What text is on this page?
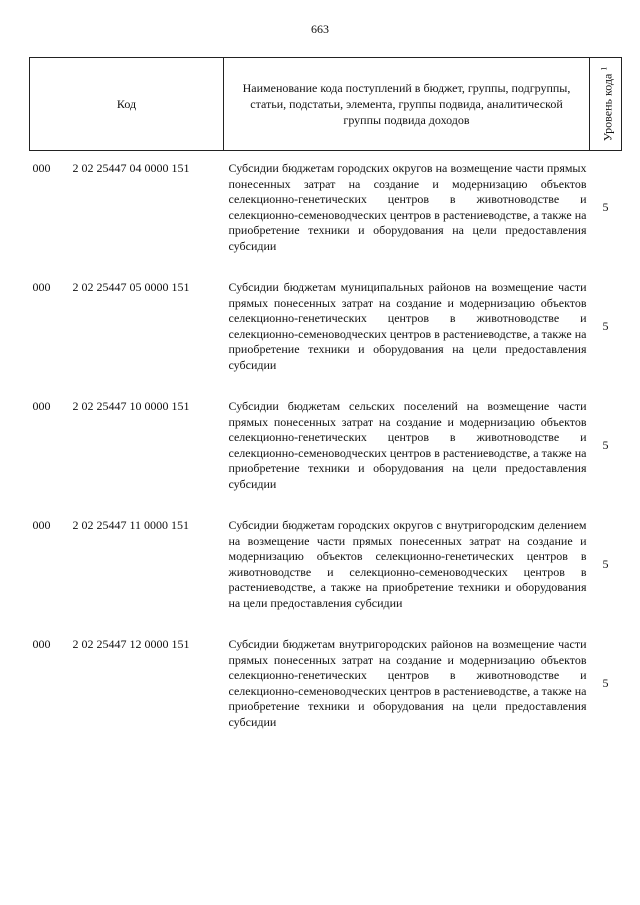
663
Код	Наименование кода поступлений в бюджет, группы, подгруппы, статьи, подстатьи, элемента, группы подвида, аналитической группы подвида доходов	Уровень кода $^1$

000 2 02 25447 04 0000 151	Субсидии бюджетам городских округов на возмещение части прямых понесенных затрат на создание и модернизацию объектов селекционно-генетических центров в животноводстве и селекционно-семеноводческих центров в растениеводстве, а также на приобретение техники и оборудования на цели предоставления субсидии	5
000 2 02 25447 05 0000 151	Субсидии бюджетам муниципальных районов на возмещение части прямых понесенных затрат на создание и модернизацию объектов селекционно-генетических центров в животноводстве и селекционно-семеноводческих центров в растениеводстве, а также на приобретение техники и оборудования на цели предоставления субсидии	5
000 2 02 25447 10 0000 151	Субсидии бюджетам сельских поселений на возмещение части прямых понесенных затрат на создание и модернизацию объектов селекционно-генетических центров в животноводстве и селекционно-семеноводческих центров в растениеводстве, а также на приобретение техники и оборудования на цели предоставления субсидии	5
000 2 02 25447 11 0000 151	Субсидии бюджетам городских округов с внутригородским делением на возмещение части прямых понесенных затрат на создание и модернизацию объектов селекционно-генетических центров в животноводстве и селекционно-семеноводческих центров в растениеводстве, а также на приобретение техники и оборудования на цели предоставления субсидии	5
000 2 02 25447 12 0000 151	Субсидии бюджетам внутригородских районов на возмещение части прямых понесенных затрат на создание и модернизацию объектов селекционно-генетических центров в животноводстве и селекционно-семеноводческих центров в растениеводстве, а также на приобретение техники и оборудования на цели предоставления субсидии	5
